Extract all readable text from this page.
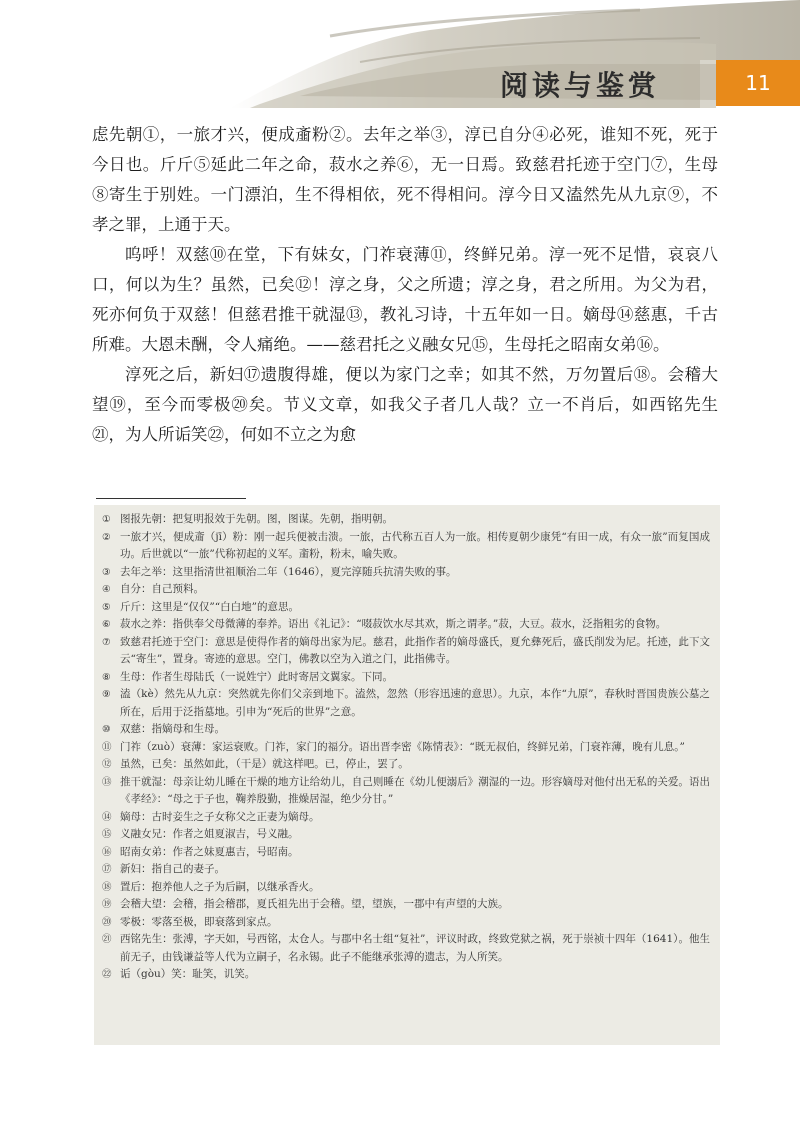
阅读与鉴赏	11

虑先朝①，一旅才兴，便成齑粉②。去年之举③，淳已自分④必死，谁知不死，死于今日也。斤斤⑤延此二年之命，菽水之养⑥，无一日焉。致慈君托迹于空门⑦，生母⑧寄生于别姓。一门漂泊，生不得相依，死不得相问。淳今日又溘然先从九京⑨，不孝之罪，上通于天。

呜呼！双慈⑩在堂，下有妹女，门祚衰薄⑪，终鲜兄弟。淳一死不足惜，哀哀八口，何以为生？虽然，已矣⑫！淳之身，父之所遗；淳之身，君之所用。为父为君，死亦何负于双慈！但慈君推干就湿⑬，教礼习诗，十五年如一日。嫡母⑭慈惠，千古所难。大恩未酬，令人痛绝。——慈君托之义融女兄⑮，生母托之昭南女弟⑯。

淳死之后，新妇⑰遗腹得雄，便以为家门之幸；如其不然，万勿置后⑱。会稽大望⑲，至今而零极⑳矣。节义文章，如我父子者几人哉？立一不肖后，如西铭先生㉑，为人所诟笑㉒，何如不立之为愈

① 图报先朝：把复明报效于先朝。图，图谋。先朝，指明朝。
② 一旅才兴，便成齑（jī）粉：刚一起兵便被击溃。一旅，古代称五百人为一旅。相传夏朝少康凭“有田一成，有众一旅”而复国成功。后世就以“一旅”代称初起的义军。齑粉，粉末，喻失败。
③ 去年之举：这里指清世祖顺治二年（1646），夏完淳随兵抗清失败的事。
④ 自分：自己预料。
⑤ 斤斤：这里是“仅仅”“白白地”的意思。
⑥ 菽水之养：指供奉父母微薄的奉养。语出《礼记》：“啜菽饮水尽其欢，斯之谓孝。”菽，大豆。菽水，泛指粗劣的食物。
⑦ 致慈君托迹于空门：意思是使得作者的嫡母出家为尼。慈君，此指作者的嫡母盛氏，夏允彝死后，盛氏削发为尼。托迹，此下文云“寄生”，置身。寄迹的意思。空门，佛教以空为入道之门，此指佛寺。
⑧ 生母：作者生母陆氏（一说姓宁）此时寄居文翼家。下同。
⑨ 溘（kè）然先从九京：突然就先你们父亲到地下。溘然，忽然（形容迅速的意思）。九京，本作“九原”，春秋时晋国贵族公墓之所在，后用于泛指墓地。引申为“死后的世界”之意。
⑩ 双慈：指嫡母和生母。
⑪ 门祚（zuò）衰薄：家运衰败。门祚，家门的福分。语出晋李密《陈情表》：“既无叔伯，终鲜兄弟，门衰祚薄，晚有儿息。”
⑫ 虽然，已矣：虽然如此，（干是）就这样吧。已，停止，罢了。
⑬ 推干就湿：母亲让幼儿睡在干燥的地方让给幼儿，自己则睡在《幼儿便溺后》潮湿的一边。形容嫡母对他付出无私的关爱。语出《孝经》：“母之于子也，鞠养殷勤，推燥居湿，绝少分甘。”
⑭ 嫡母：古时妾生之子女称父之正妻为嫡母。
⑮ 义融女兄：作者之姐夏淑吉，号义融。
⑯ 昭南女弟：作者之妹夏惠吉，号昭南。
⑰ 新妇：指自己的妻子。
⑱ 置后：抱养他人之子为后嗣，以继承香火。
⑲ 会稽大望：会稽，指会稽郡，夏氏祖先出于会稽。望，望族，一郡中有声望的大族。
⑳ 零极：零落至极，即衰落到家点。
㉑ 西铭先生：张溥，字天如，号西铭，太仓人。与郡中名士组“复社”，评议时政，终致党狱之祸，死于崇祯十四年（1641）。他生前无子，由钱谦益等人代为立嗣子，名永锡。此子不能继承张溥的遗志，为人所笑。
㉒ 诟（gòu）笑：耻笑，讥笑。
